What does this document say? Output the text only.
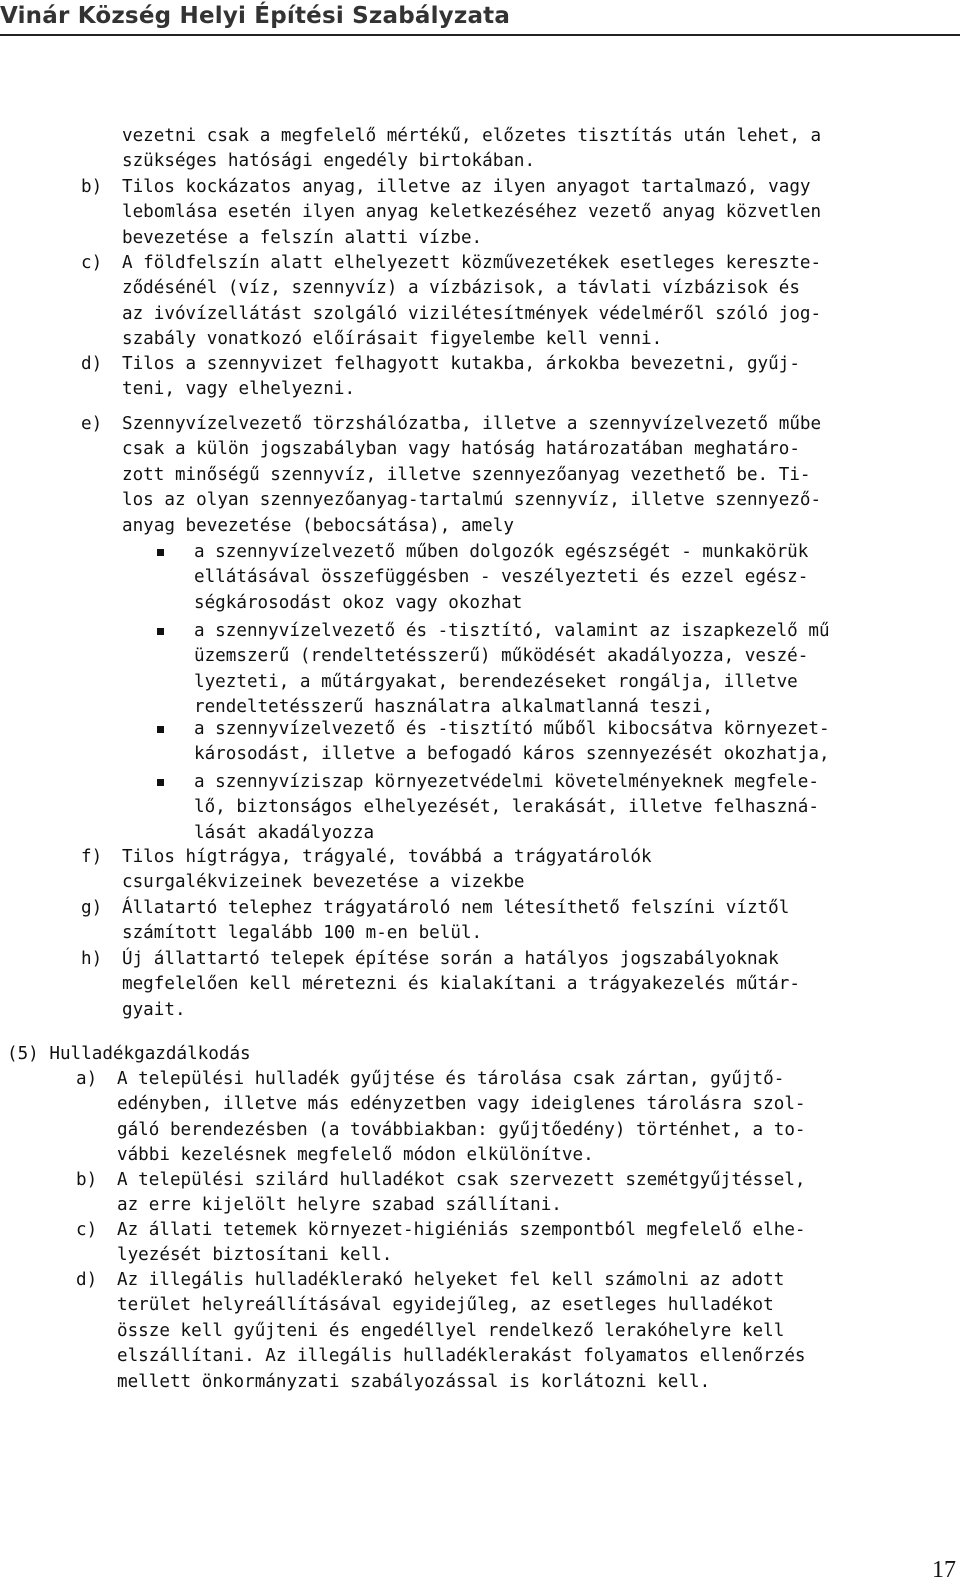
Vinár Község Helyi Építési Szabályzata
vezetni csak a megfelelő mértékű, előzetes tisztítás után lehet, a
szükséges hatósági engedély birtokában.
b) Tilos kockázatos anyag, illetve az ilyen anyagot tartalmazó, vagy
lebomlása esetén ilyen anyag keletkezéséhez vezető anyag közvetlen
bevezetése a felszín alatti vízbe.
c) A földfelszín alatt elhelyezett közművezetékek esetleges kereszte-
ződésénél (víz, szennyvíz) a vízbázisok, a távlati vízbázisok és
az ivóvízellátást szolgáló vizilétesítmények védelméről szóló jog-
szabály vonatkozó előírásait figyelembe kell venni.
d) Tilos a szennyvizet felhagyott kutakba, árkokba bevezetni, gyűj-
teni, vagy elhelyezni.
e) Szennyvízelvezető törzshálózatba, illetve a szennyvízelvezető műbe
csak a külön jogszabályban vagy hatóság határozatában meghatáro-
zott minőségű szennyvíz, illetve szennyezőanyag vezethető be. Ti-
los az olyan szennyezőanyag-tartalmú szennyvíz, illetve szennyező-
anyag bevezetése (bebocsátása), amely
a szennyvízelvezető műben dolgozók egészségét - munkakörük
ellátásával összefüggésben - veszélyezteti és ezzel egész-
ségkárosodást okoz vagy okozhat
a szennyvízelvezető és -tisztító, valamint az iszapkezelő mű
üzemszerű (rendeltetésszerű) működését akadályozza, veszé-
lyezteti, a műtárgyakat, berendezéseket rongálja, illetve
rendeltetésszerű használatra alkalmatlanná teszi,
a szennyvízelvezető és -tisztító műből kibocsátva környezet-
károsodást, illetve a befogadó káros szennyezését okozhatja,
a szennyvíziszap környezetvédelmi követelményeknek megfele-
lő, biztonságos elhelyezését, lerakását, illetve felhaszná-
lását akadályozza
f) Tilos hígtrágya, trágyalé, továbbá a trágyatárolók
csurgalékvizeinek bevezetése a vizekbe
g) Állatartó telephez trágyatároló nem létesíthető felszíni víztől
számított legalább 100 m-en belül.
h) Új állattartó telepek építése során a hatályos jogszabályoknak
megfelelően kell méretezni és kialakítani a trágyakezelés műtár-
gyait.
(5) Hulladékgazdálkodás
a) A települési hulladék gyűjtése és tárolása csak zártan, gyűjtő-
edényben, illetve más edényzetben vagy ideiglenes tárolásra szol-
gáló berendezésben (a továbbiakban: gyűjtőedény) történhet, a to-
vábbi kezelésnek megfelelő módon elkülönítve.
b) A települési szilárd hulladékot csak szervezett szemétgyűjtéssel,
az erre kijelölt helyre szabad szállítani.
c) Az állati tetemek környezet-higiéniás szempontból megfelelő elhe-
lyezését biztosítani kell.
d) Az illegális hulladéklerakó helyeket fel kell számolni az adott
terület helyreállításával egyidejűleg, az esetleges hulladékot
össze kell gyűjteni és engedéllyel rendelkező lerakóhelyre kell
elszállítani. Az illegális hulladéklerakást folyamatos ellenőrzés
mellett önkormányzati szabályozással is korlátozni kell.
17
